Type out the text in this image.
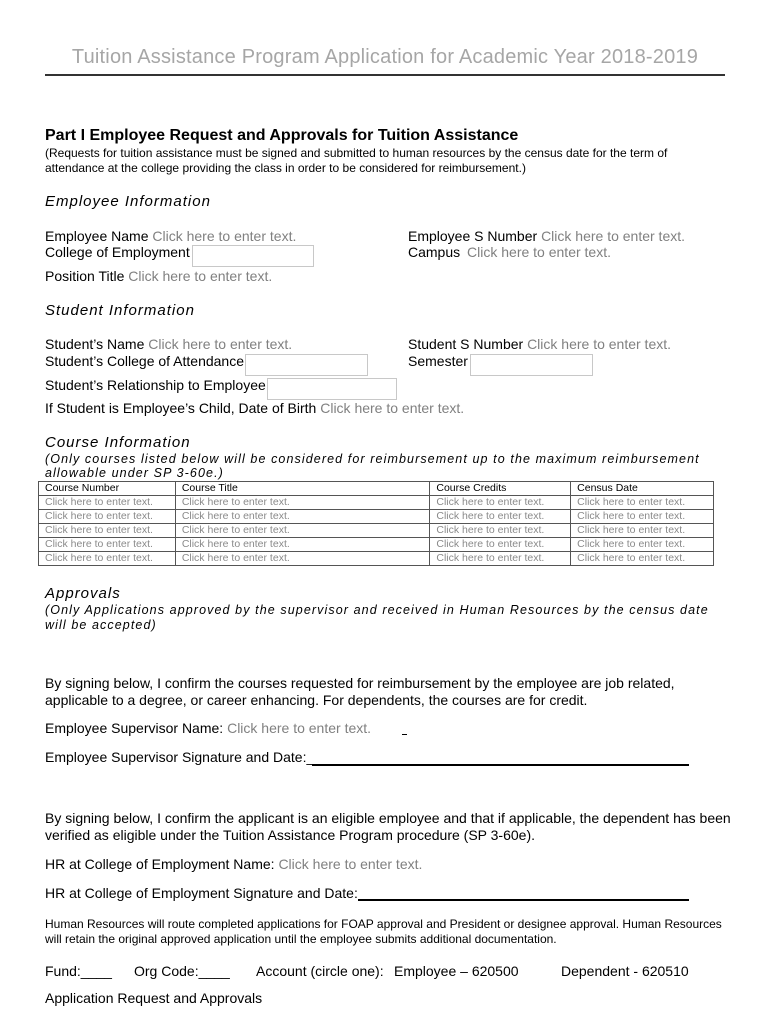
Tuition Assistance Program Application for Academic Year 2018-2019
Part I Employee Request and Approvals for Tuition Assistance
(Requests for tuition assistance must be signed and submitted to human resources by the census date for the term of attendance at the college providing the class in order to be considered for reimbursement.)
Employee Information
Employee Name Click here to enter text.	Employee S Number Click here to enter text.
College of Employment	Campus Click here to enter text.
Position Title Click here to enter text.
Student Information
Student’s Name Click here to enter text.	Student S Number Click here to enter text.
Student’s College of Attendance	Semester
Student’s Relationship to Employee
If Student is Employee’s Child, Date of Birth Click here to enter text.
Course Information
(Only courses listed below will be considered for reimbursement up to the maximum reimbursement allowable under SP 3-60e.)
Course Number	Course Title	Course Credits	Census Date
Click here to enter text.	Click here to enter text.	Click here to enter text.	Click here to enter text.
Click here to enter text.	Click here to enter text.	Click here to enter text.	Click here to enter text.
Click here to enter text.	Click here to enter text.	Click here to enter text.	Click here to enter text.
Click here to enter text.	Click here to enter text.	Click here to enter text.	Click here to enter text.
Click here to enter text.	Click here to enter text.	Click here to enter text.	Click here to enter text.
Approvals
(Only Applications approved by the supervisor and received in Human Resources by the census date will be accepted)
By signing below, I confirm the courses requested for reimbursement by the employee are job related, applicable to a degree, or career enhancing. For dependents, the courses are for credit.
Employee Supervisor Name: Click here to enter text.
Employee Supervisor Signature and Date:_
By signing below, I confirm the applicant is an eligible employee and that if applicable, the dependent has been verified as eligible under the Tuition Assistance Program procedure (SP 3-60e).
HR at College of Employment Name: Click here to enter text.
HR at College of Employment Signature and Date:
Human Resources will route completed applications for FOAP approval and President or designee approval. Human Resources will retain the original approved application until the employee submits additional documentation.
Fund:____ Org Code:____ Account (circle one): Employee – 620500	Dependent - 620510
Application Request and Approvals
